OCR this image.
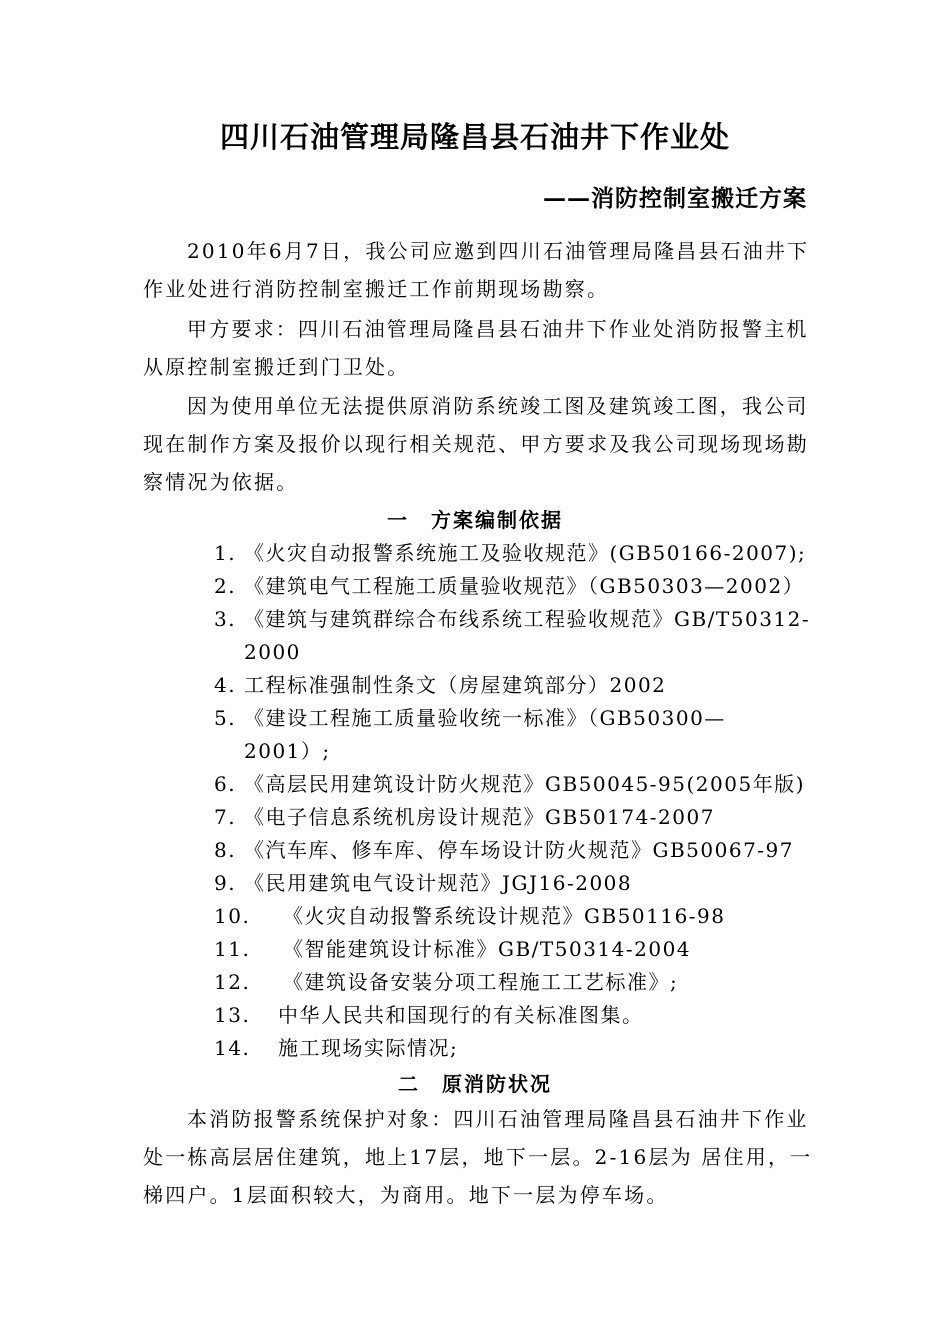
四川石油管理局隆昌县石油井下作业处
——消防控制室搬迁方案

2010年6月7日，我公司应邀到四川石油管理局隆昌县石油井下作业处进行消防控制室搬迁工作前期现场勘察。

甲方要求：四川石油管理局隆昌县石油井下作业处消防报警主机从原控制室搬迁到门卫处。

因为使用单位无法提供原消防系统竣工图及建筑竣工图，我公司现在制作方案及报价以现行相关规范、甲方要求及我公司现场现场勘察情况为依据。

一　方案编制依据
1. 《火灾自动报警系统施工及验收规范》(GB50166-2007);
2. 《建筑电气工程施工质量验收规范》（GB50303—2002）
3. 《建筑与建筑群综合布线系统工程验收规范》GB/T50312-
2000
4. 工程标准强制性条文（房屋建筑部分）2002
5. 《建设工程施工质量验收统一标准》（GB50300—
2001）;
6. 《高层民用建筑设计防火规范》GB50045-95(2005年版)
7. 《电子信息系统机房设计规范》GB50174-2007
8. 《汽车库、修车库、停车场设计防火规范》GB50067-97
9. 《民用建筑电气设计规范》JGJ16-2008
10. 《火灾自动报警系统设计规范》GB50116-98
11. 《智能建筑设计标准》GB/T50314-2004
12. 《建筑设备安装分项工程施工工艺标准》;
13. 中华人民共和国现行的有关标准图集。
14. 施工现场实际情况;
二　原消防状况

本消防报警系统保护对象：四川石油管理局隆昌县石油井下作业处一栋高层居住建筑，地上17层，地下一层。2-16层为 居住用，一梯四户。1层面积较大，为商用。地下一层为停车场。
